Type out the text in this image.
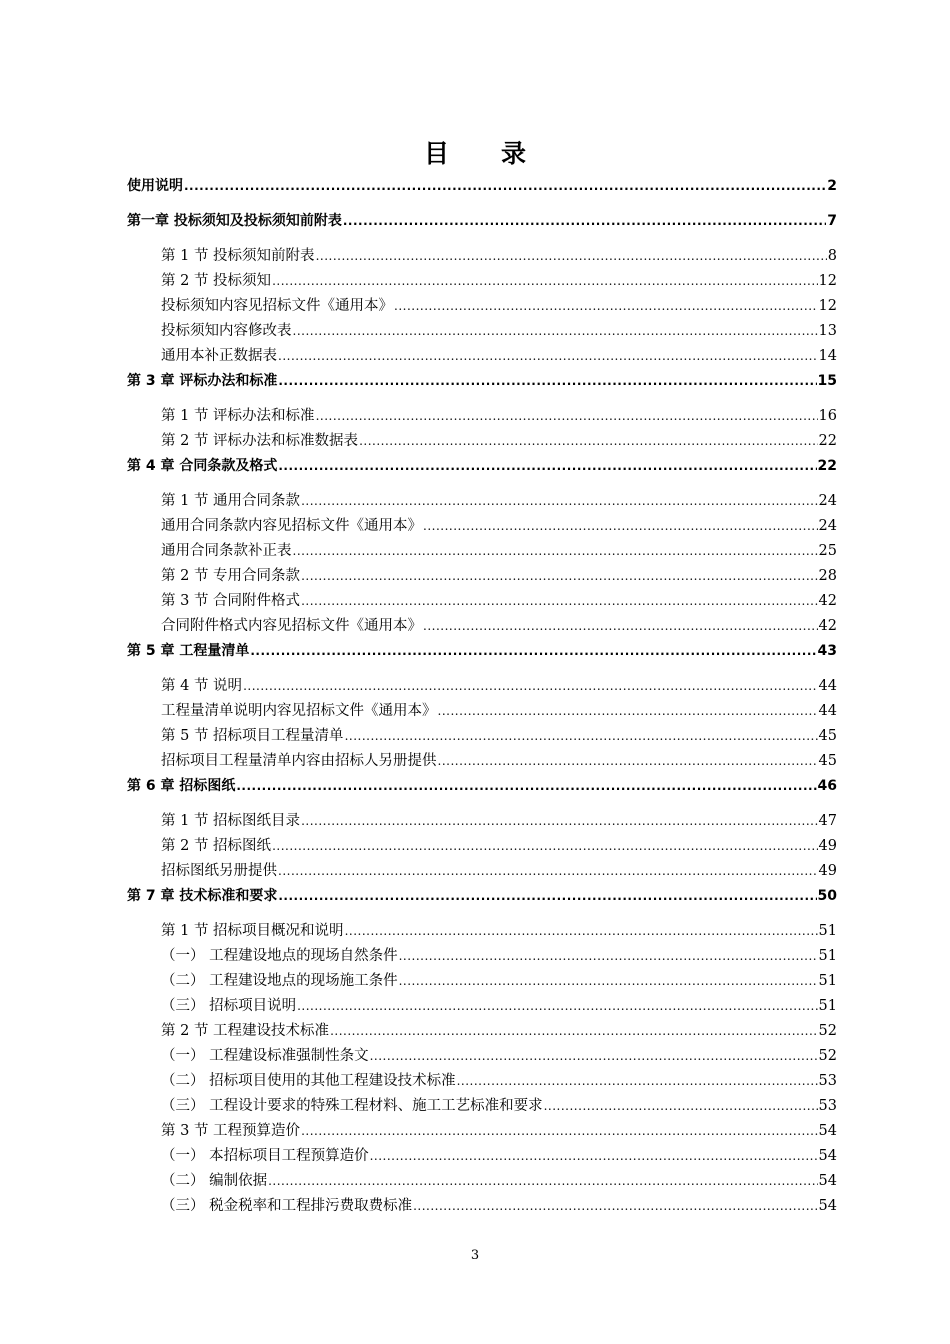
目 录
使用说明 .....	2
第一章 投标须知及投标须知前附表 .....	7
第 1 节 投标须知前附表 .....	8
第 2 节 投标须知 .....	12
投标须知内容见招标文件《通用本》 .....	12
投标须知内容修改表 .....	13
通用本补正数据表 .....	14
第 3 章 评标办法和标准 .....	15
第 1 节 评标办法和标准 .....	16
第 2 节 评标办法和标准数据表 .....	22
第 4 章 合同条款及格式 .....	22
第 1 节 通用合同条款 .....	24
通用合同条款内容见招标文件《通用本》 .....	24
通用合同条款补正表 .....	25
第 2 节 专用合同条款 .....	28
第 3 节 合同附件格式 .....	42
合同附件格式内容见招标文件《通用本》 .....	42
第 5 章 工程量清单 .....	43
第 4 节 说明 .....	44
工程量清单说明内容见招标文件《通用本》 .....	44
第 5 节 招标项目工程量清单 .....	45
招标项目工程量清单内容由招标人另册提供 .....	45
第 6 章 招标图纸 .....	46
第 1 节 招标图纸目录 .....	47
第 2 节 招标图纸 .....	49
招标图纸另册提供 .....	49
第 7 章 技术标准和要求 .....	50
第 1 节 招标项目概况和说明 .....	51
（一） 工程建设地点的现场自然条件 .....	51
（二） 工程建设地点的现场施工条件 .....	51
（三） 招标项目说明 .....	51
第 2 节 工程建设技术标准 .....	52
（一） 工程建设标准强制性条文 .....	52
（二） 招标项目使用的其他工程建设技术标准 .....	53
（三） 工程设计要求的特殊工程材料、施工工艺标准和要求 .....	53
第 3 节 工程预算造价 .....	54
（一） 本招标项目工程预算造价 .....	54
（二） 编制依据 .....	54
（三） 税金税率和工程排污费取费标准 .....	54
3
